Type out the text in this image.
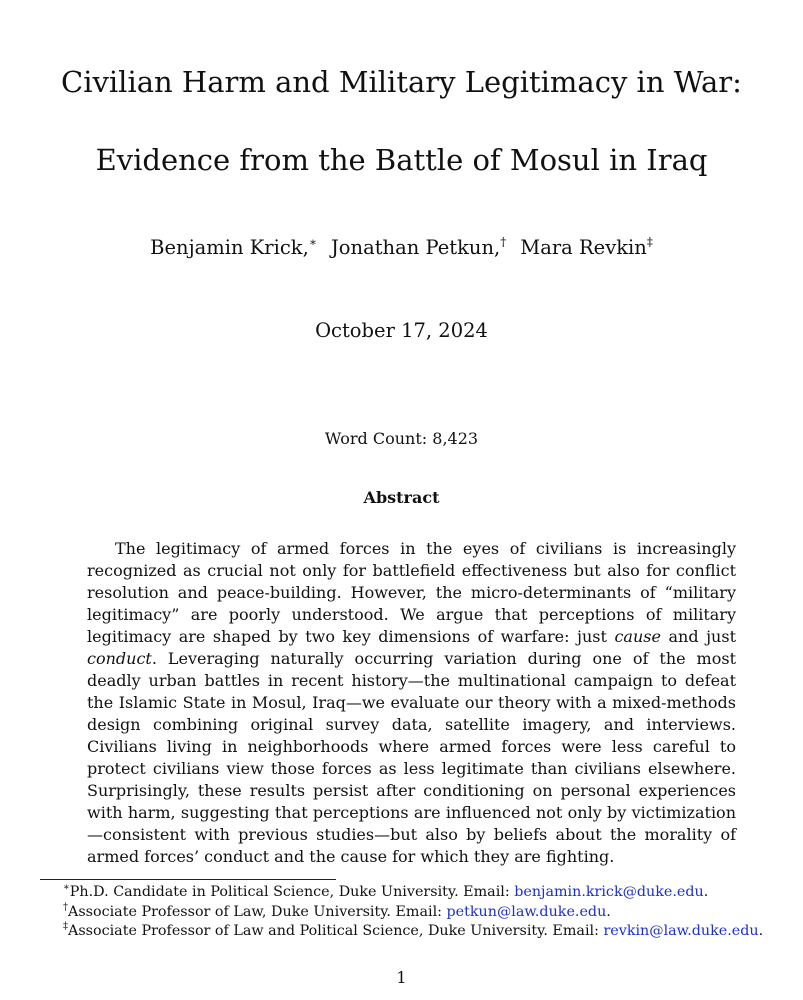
Civilian Harm and Military Legitimacy in War:
Evidence from the Battle of Mosul in Iraq
Benjamin Krick,∗ Jonathan Petkun,† Mara Revkin‡
October 17, 2024
Word Count: 8,423
Abstract

The legitimacy of armed forces in the eyes of civilians is increasingly recognized as crucial not only for battlefield effectiveness but also for conflict resolution and peace-building. However, the micro-determinants of “military legitimacy” are poorly understood. We argue that perceptions of military legitimacy are shaped by two key dimensions of warfare: just cause and just conduct. Leveraging naturally occurring variation during one of the most deadly urban battles in recent history—the multinational campaign to defeat the Islamic State in Mosul, Iraq—we evaluate our theory with a mixed-methods design combining original survey data, satellite imagery, and interviews. Civilians living in neighborhoods where armed forces were less careful to protect civilians view those forces as less legitimate than civilians elsewhere. Surprisingly, these results persist after conditioning on personal experiences with harm, suggesting that perceptions are influenced not only by victimization—consistent with previous studies—but also by beliefs about the morality of armed forces’ conduct and the cause for which they are fighting.

∗Ph.D. Candidate in Political Science, Duke University. Email: benjamin.krick@duke.edu.
†Associate Professor of Law, Duke University. Email: petkun@law.duke.edu.
‡Associate Professor of Law and Political Science, Duke University. Email: revkin@law.duke.edu.
1
